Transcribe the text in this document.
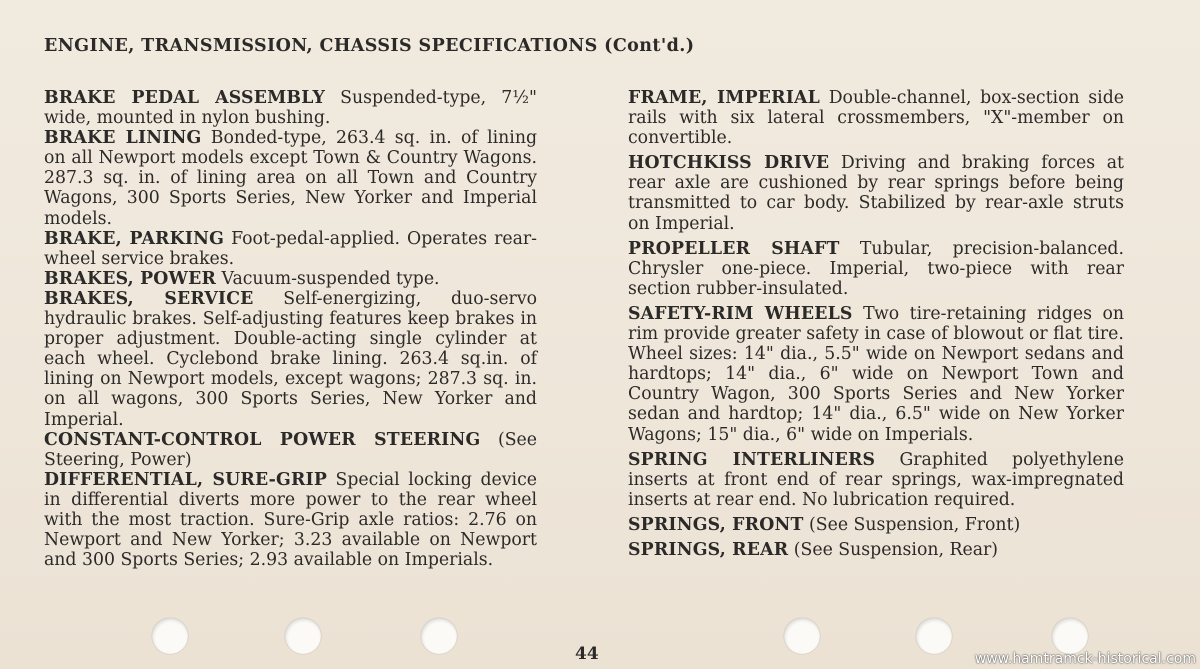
ENGINE, TRANSMISSION, CHASSIS SPECIFICATIONS (Cont'd.)

BRAKE PEDAL ASSEMBLY Suspended-type, 7½" wide, mounted in nylon bushing.

BRAKE LINING Bonded-type, 263.4 sq. in. of lining on all Newport models except Town & Country Wagons. 287.3 sq. in. of lining area on all Town and Country Wagons, 300 Sports Series, New Yorker and Imperial models.

BRAKE, PARKING Foot-pedal-applied. Operates rear-wheel service brakes.

BRAKES, POWER Vacuum-suspended type.

BRAKES, SERVICE Self-energizing, duo-servo hydraulic brakes. Self-adjusting features keep brakes in proper adjustment. Double-acting single cylinder at each wheel. Cyclebond brake lining. 263.4 sq.in. of lining on Newport models, except wagons; 287.3 sq. in. on all wagons, 300 Sports Series, New Yorker and Imperial.

CONSTANT-CONTROL POWER STEERING (See Steering, Power)

DIFFERENTIAL, SURE-GRIP Special locking device in differential diverts more power to the rear wheel with the most traction. Sure-Grip axle ratios: 2.76 on Newport and New Yorker; 3.23 available on Newport and 300 Sports Series; 2.93 available on Imperials.

FRAME, IMPERIAL Double-channel, box-section side rails with six lateral crossmembers, "X"-member on convertible.

HOTCHKISS DRIVE Driving and braking forces at rear axle are cushioned by rear springs before being transmitted to car body. Stabilized by rear-axle struts on Imperial.

PROPELLER SHAFT Tubular, precision-balanced. Chrysler one-piece. Imperial, two-piece with rear section rubber-insulated.

SAFETY-RIM WHEELS Two tire-retaining ridges on rim provide greater safety in case of blowout or flat tire.

Wheel sizes: 14" dia., 5.5" wide on Newport sedans and hardtops; 14" dia., 6" wide on Newport Town and Country Wagon, 300 Sports Series and New Yorker sedan and hardtop; 14" dia., 6.5" wide on New Yorker Wagons; 15" dia., 6" wide on Imperials.

SPRING INTERLINERS Graphited polyethylene inserts at front end of rear springs, wax-impregnated inserts at rear end. No lubrication required.

SPRINGS, FRONT (See Suspension, Front)

SPRINGS, REAR (See Suspension, Rear)

44	www.hamtramck-historical.com
